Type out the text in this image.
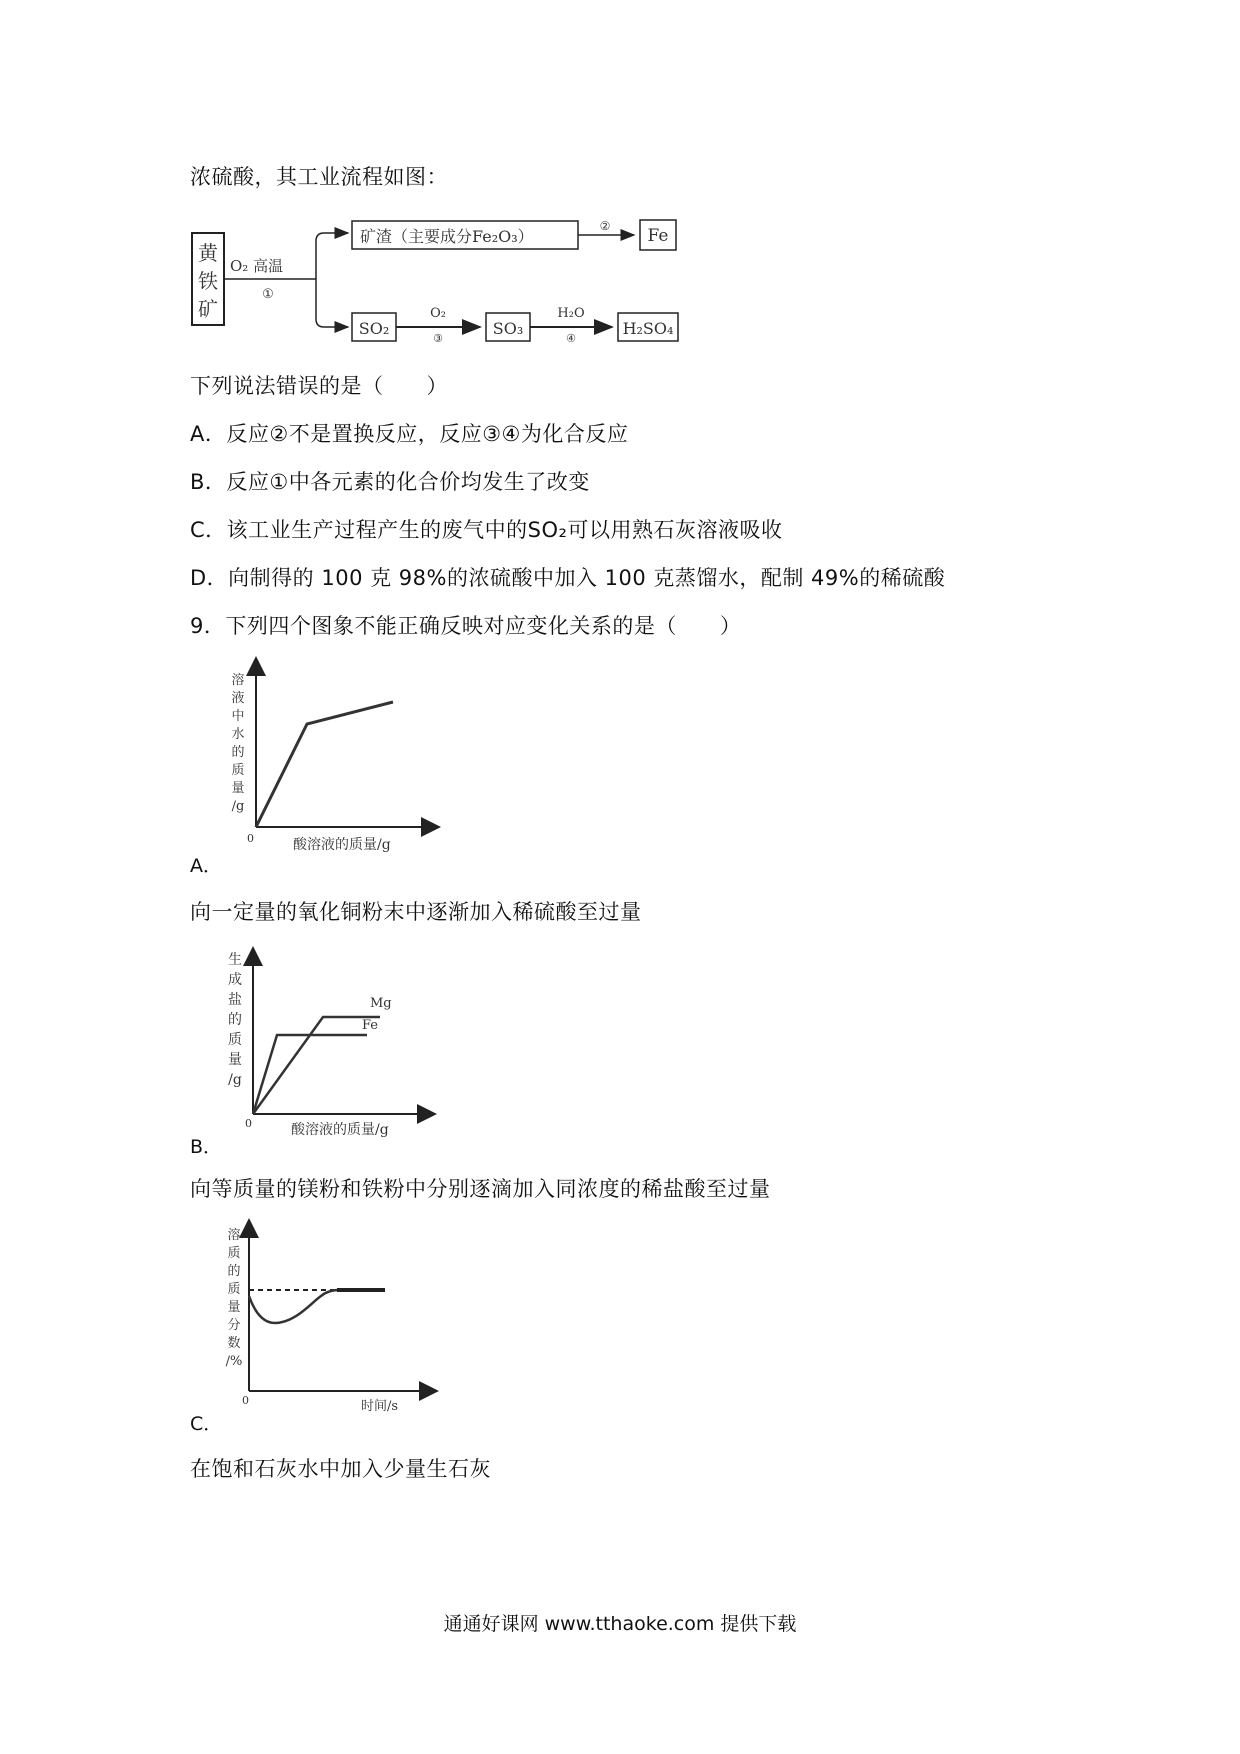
浓硫酸，其工业流程如图：
黄
铁
矿
O₂ 高温
①
矿渣（主要成分Fe₂O₃）
② Fe
SO₂
O₂
③
SO₃
H₂O
④
H₂SO₄
下列说法错误的是（　　）
A．反应②不是置换反应，反应③④为化合反应
B．反应①中各元素的化合价均发生了改变
C．该工业生产过程产生的废气中的SO₂可以用熟石灰溶液吸收
D．向制得的 100 克 98%的浓硫酸中加入 100 克蒸馏水，配制 49%的稀硫酸
9．下列四个图象不能正确反映对应变化关系的是（　　）
溶
液
中
水
的
质
量
/g
0	酸溶液的质量/g
A．
向一定量的氧化铜粉末中逐渐加入稀硫酸至过量
Mg
Fe
生
成
盐
的
质
量
/g
0	酸溶液的质量/g
B．
向等质量的镁粉和铁粉中分别逐滴加入同浓度的稀盐酸至过量
溶
质
的
质
量
分
数
/%
0	时间/s
C．
在饱和石灰水中加入少量生石灰
通通好课网 www.tthaoke.com 提供下载
